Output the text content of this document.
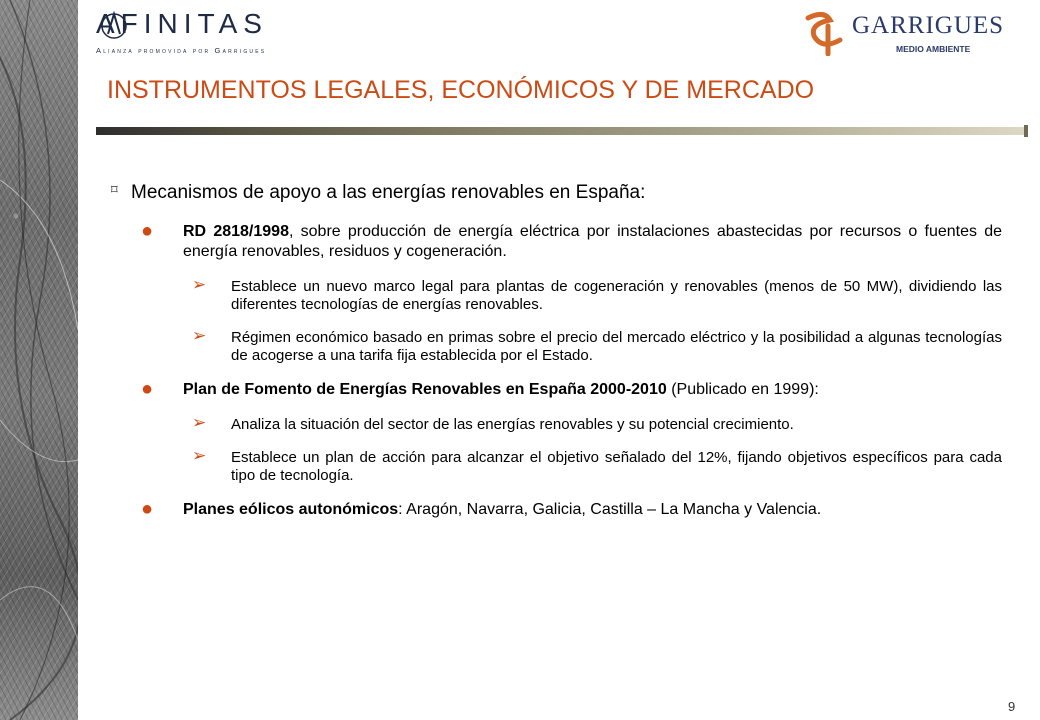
AFINITAS
Alianza promovida por Garrigues
GARRIGUES
MEDIO AMBIENTE
INSTRUMENTOS LEGALES, ECONÓMICOS Y DE MERCADO
⌑ Mecanismos de apoyo a las energías renovables en España:
● RD 2818/1998, sobre producción de energía eléctrica por instalaciones abastecidas por recursos o fuentes de energía renovables, residuos y cogeneración.
➢ Establece un nuevo marco legal para plantas de cogeneración y renovables (menos de 50 MW), dividiendo las diferentes tecnologías de energías renovables.
➢ Régimen económico basado en primas sobre el precio del mercado eléctrico y la posibilidad a algunas tecnologías de acogerse a una tarifa fija establecida por el Estado.
● Plan de Fomento de Energías Renovables en España 2000-2010 (Publicado en 1999):
➢ Analiza la situación del sector de las energías renovables y su potencial crecimiento.
➢ Establece un plan de acción para alcanzar el objetivo señalado del 12%, fijando objetivos específicos para cada tipo de tecnología.
● Planes eólicos autonómicos: Aragón, Navarra, Galicia, Castilla – La Mancha y Valencia.
9
